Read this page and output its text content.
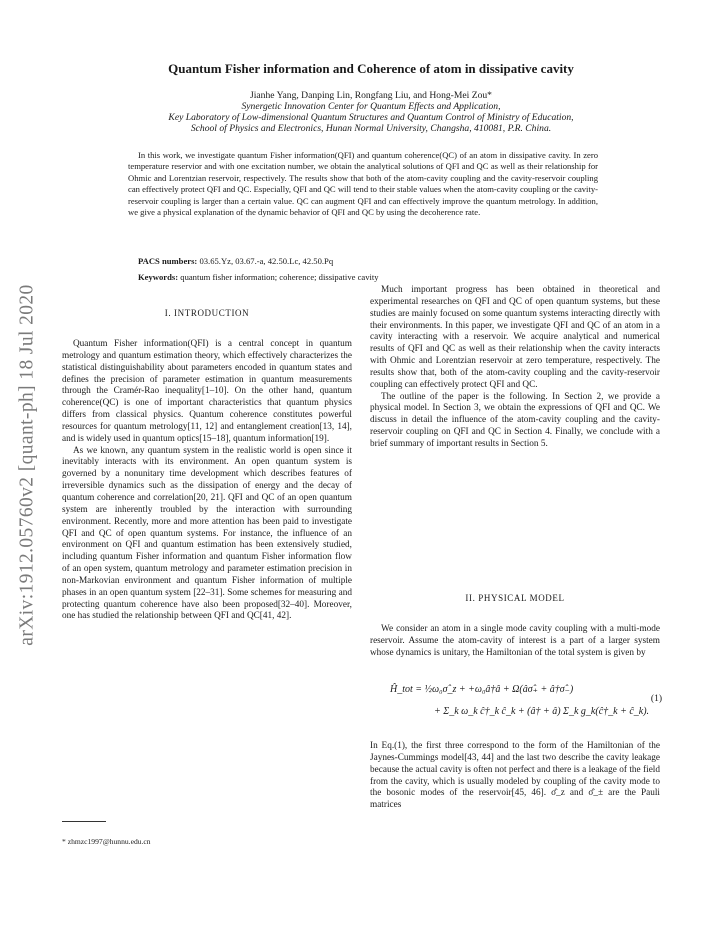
arXiv:1912.05760v2 [quant-ph] 18 Jul 2020
Quantum Fisher information and Coherence of atom in dissipative cavity
Jianhe Yang, Danping Lin, Rongfang Liu, and Hong-Mei Zou*
Synergetic Innovation Center for Quantum Effects and Application,
Key Laboratory of Low-dimensional Quantum Structures and Quantum Control of Ministry of Education,
School of Physics and Electronics, Hunan Normal University, Changsha, 410081, P.R. China.
In this work, we investigate quantum Fisher information(QFI) and quantum coherence(QC) of an atom in dissipative cavity. In zero temperature reservior and with one excitation number, we obtain the analytical solutions of QFI and QC as well as their relationship for Ohmic and Lorentzian reservoir, respectively. The results show that both of the atom-cavity coupling and the cavity-reservoir coupling can effectively protect QFI and QC. Especially, QFI and QC will tend to their stable values when the atom-cavity coupling or the cavity-reservoir coupling is larger than a certain value. QC can augment QFI and can effectively improve the quantum metrology. In addition, we give a physical explanation of the dynamic behavior of QFI and QC by using the decoherence rate.
PACS numbers: 03.65.Yz, 03.67.-a, 42.50.Lc, 42.50.Pq
Keywords: quantum fisher information; coherence; dissipative cavity
I. INTRODUCTION

Quantum Fisher information(QFI) is a central concept in quantum metrology and quantum estimation theory, which effectively characterizes the statistical distinguishability about parameters encoded in quantum states and defines the precision of parameter estimation in quantum measurements through the Cramér-Rao inequality[1–10]. On the other hand, quantum coherence(QC) is one of important characteristics that quantum physics differs from classical physics. Quantum coherence constitutes powerful resources for quantum metrology[11, 12] and entanglement creation[13, 14], and is widely used in quantum optics[15–18], quantum information[19].

As we known, any quantum system in the realistic world is open since it inevitably interacts with its environment. An open quantum system is governed by a nonunitary time development which describes features of irreversible dynamics such as the dissipation of energy and the decay of quantum coherence and correlation[20, 21]. QFI and QC of an open quantum system are inherently troubled by the interaction with surrounding environment. Recently, more and more attention has been paid to investigate QFI and QC of open quantum systems. For instance, the influence of an environment on QFI and quantum estimation has been extensively studied, including quantum Fisher information and quantum Fisher information flow of an open system, quantum metrology and parameter estimation precision in non-Markovian environment and quantum Fisher information of multiple phases in an open quantum system [22–31]. Some schemes for measuring and protecting quantum coherence have also been proposed[32–40]. Moreover, one has studied the relationship between QFI and QC[41, 42].

Much important progress has been obtained in theoretical and experimental researches on QFI and QC of open quantum systems, but these studies are mainly focused on some quantum systems interacting directly with their environments. In this paper, we investigate QFI and QC of an atom in a cavity interacting with a reservoir. We acquire analytical and numerical results of QFI and QC as well as their relationship when the cavity interacts with Ohmic and Lorentzian reservoir at zero temperature, respectively. The results show that, both of the atom-cavity coupling and the cavity-reservoir coupling can effectively protect QFI and QC.

The outline of the paper is the following. In Section 2, we provide a physical model. In Section 3, we obtain the expressions of QFI and QC. We discuss in detail the influence of the atom-cavity coupling and the cavity-reservoir coupling on QFI and QC in Section 4. Finally, we conclude with a brief summary of important results in Section 5.

II. PHYSICAL MODEL

We consider an atom in a single mode cavity coupling with a multi-mode reservoir. Assume the atom-cavity of interest is a part of a larger system whose dynamics is unitary, the Hamiltonian of the total system is given by

Ĥ_tot = ½ω₀σ̂_z + +ω₀â†â + Ω(âσ̂₊ + â†σ̂₋)
+ Σ_k ω_k ĉ†_k ĉ_k + (â† + â) Σ_k g_k(ĉ†_k + ĉ_k).
(1)

In Eq.(1), the first three correspond to the form of the Hamiltonian of the Jaynes-Cummings model[43, 44] and the last two describe the cavity leakage because the actual cavity is often not perfect and there is a leakage of the field from the cavity, which is usually modeled by coupling of the cavity mode to the bosonic modes of the reservoir[45, 46]. σ̂_z and σ̂_± are the Pauli matrices

* zhmzc1997@hunnu.edu.cn
